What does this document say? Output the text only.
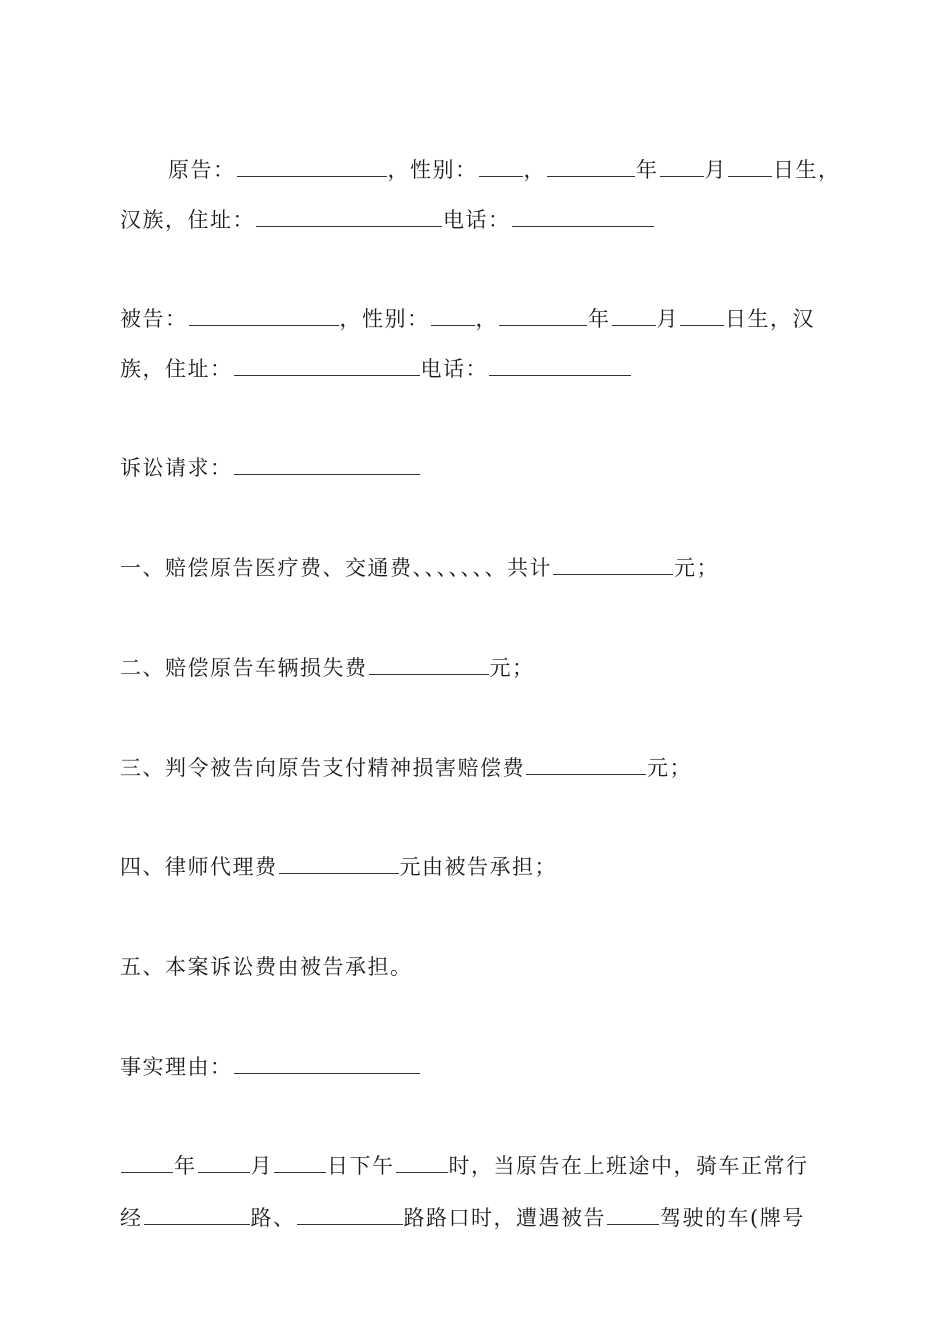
原告：	，性别： ，	年 月 日生，
汉族，住址：	电话：
被告：	，性别： ，	年 月 日生，汉
族，住址：	电话：
诉讼请求：
一、赔偿原告医疗费、交通费、、、、、、、共计	元；
二、赔偿原告车辆损失费	元；
三、判令被告向原告支付精神损害赔偿费	元；
四、律师代理费	元由被告承担；
五、本案诉讼费由被告承担。
事实理由：
年	月	日下午	时，当原告在上班途中，骑车正常行
经	路、	路路口时，遭遇被告	驾驶的车(牌号
